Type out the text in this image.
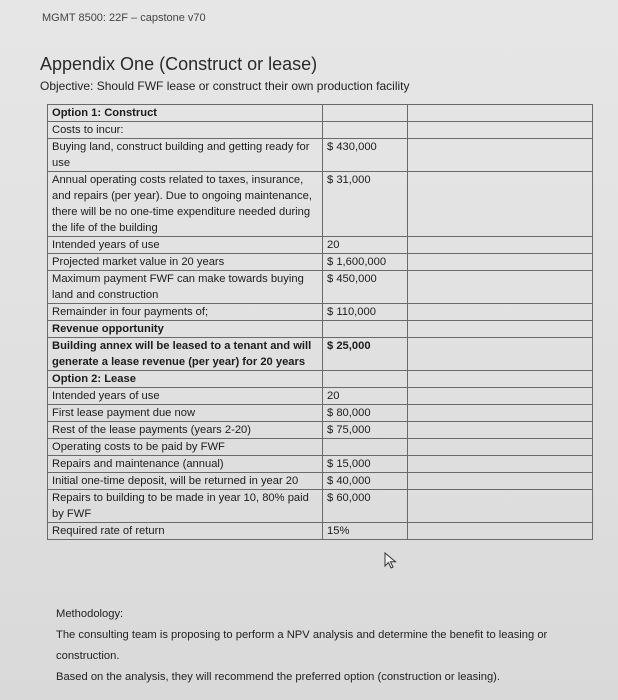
MGMT 8500: 22F – capstone v70
Appendix One (Construct or lease)
Objective: Should FWF lease or construct their own production facility
Option 1: Construct		
Costs to incur:		
Buying land, construct building and getting ready for use	$ 430,000	
Annual operating costs related to taxes, insurance, and repairs (per year). Due to ongoing maintenance, there will be no one-time expenditure needed during the life of the building	$ 31,000	
Intended years of use	20	
Projected market value in 20 years	$ 1,600,000	
Maximum payment FWF can make towards buying land and construction	$ 450,000	
Remainder in four payments of;	$ 110,000	
Revenue opportunity		
Building annex will be leased to a tenant and will generate a lease revenue (per year) for 20 years	$ 25,000	
Option 2: Lease		
Intended years of use	20	
First lease payment due now	$ 80,000	
Rest of the lease payments (years 2-20)	$ 75,000	
Operating costs to be paid by FWF		
Repairs and maintenance (annual)	$ 15,000	
Initial one-time deposit, will be returned in year 20	$ 40,000	
Repairs to building to be made in year 10, 80% paid by FWF	$ 60,000	
Required rate of return	15%	

Methodology:

The consulting team is proposing to perform a NPV analysis and determine the benefit to leasing or construction.

Based on the analysis, they will recommend the preferred option (construction or leasing).
